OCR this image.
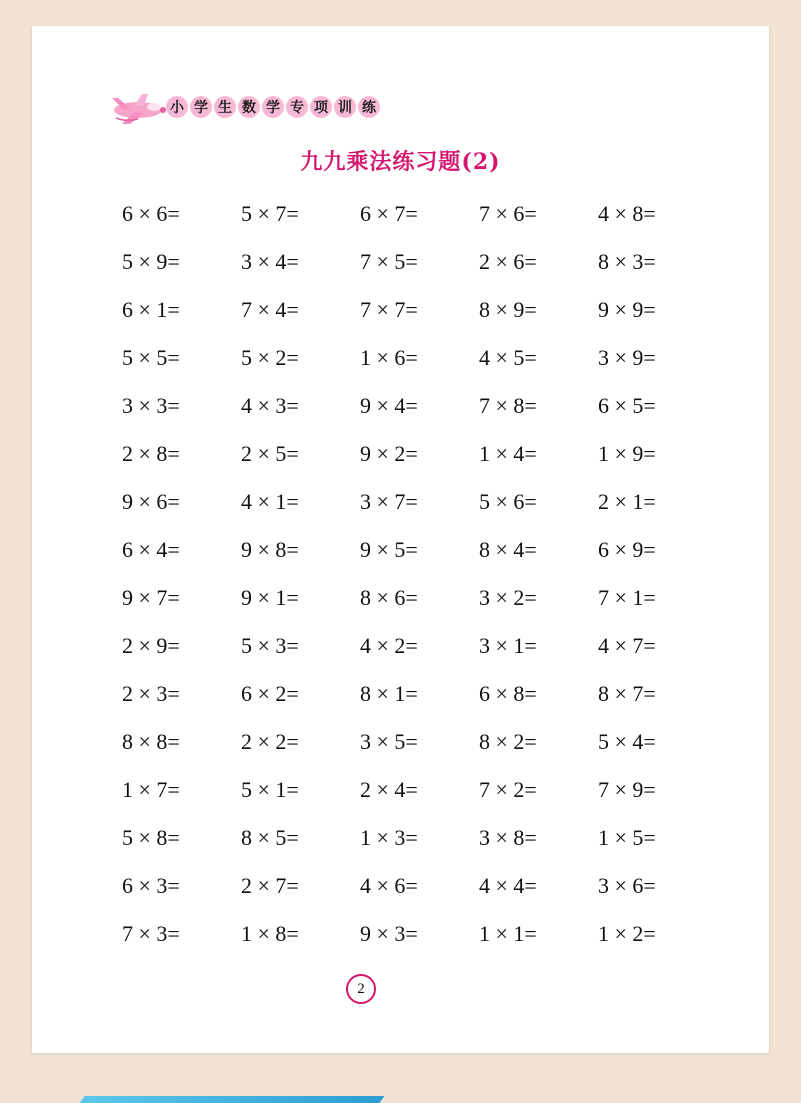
小 学 生 数 学 专 项 训 练
九九乘法练习题(2)
6 × 6=	5 × 7=	6 × 7=	7 × 6=	4 × 8=
5 × 9=	3 × 4=	7 × 5=	2 × 6=	8 × 3=
6 × 1=	7 × 4=	7 × 7=	8 × 9=	9 × 9=
5 × 5=	5 × 2=	1 × 6=	4 × 5=	3 × 9=
3 × 3=	4 × 3=	9 × 4=	7 × 8=	6 × 5=
2 × 8=	2 × 5=	9 × 2=	1 × 4=	1 × 9=
9 × 6=	4 × 1=	3 × 7=	5 × 6=	2 × 1=
6 × 4=	9 × 8=	9 × 5=	8 × 4=	6 × 9=
9 × 7=	9 × 1=	8 × 6=	3 × 2=	7 × 1=
2 × 9=	5 × 3=	4 × 2=	3 × 1=	4 × 7=
2 × 3=	6 × 2=	8 × 1=	6 × 8=	8 × 7=
8 × 8=	2 × 2=	3 × 5=	8 × 2=	5 × 4=
1 × 7=	5 × 1=	2 × 4=	7 × 2=	7 × 9=
5 × 8=	8 × 5=	1 × 3=	3 × 8=	1 × 5=
6 × 3=	2 × 7=	4 × 6=	4 × 4=	3 × 6=
7 × 3=	1 × 8=	9 × 3=	1 × 1=	1 × 2=
2
